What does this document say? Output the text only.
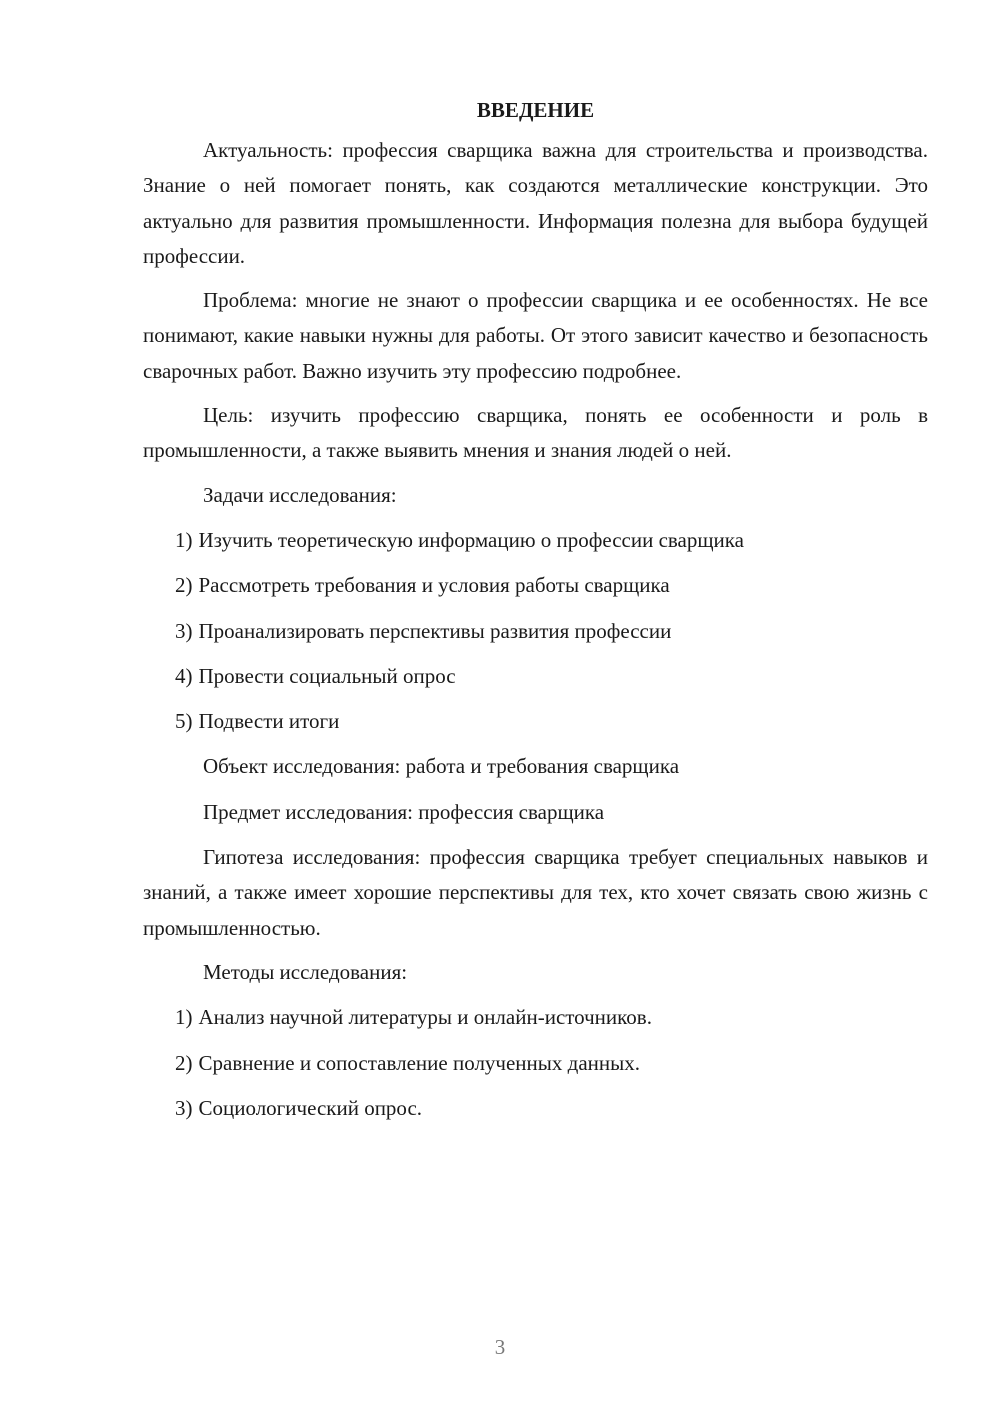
ВВЕДЕНИЕ

Актуальность: профессия сварщика важна для строительства и производства. Знание о ней помогает понять, как создаются металлические конструкции. Это актуально для развития промышленности. Информация полезна для выбора будущей профессии.

Проблема: многие не знают о профессии сварщика и ее особенностях. Не все понимают, какие навыки нужны для работы. От этого зависит качество и безопасность сварочных работ. Важно изучить эту профессию подробнее.

Цель: изучить профессию сварщика, понять ее особенности и роль в промышленности, а также выявить мнения и знания людей о ней.

Задачи исследования:

1) Изучить теоретическую информацию о профессии сварщика
2) Рассмотреть требования и условия работы сварщика
3) Проанализировать перспективы развития профессии
4) Провести социальный опрос
5) Подвести итоги

Объект исследования: работа и требования сварщика

Предмет исследования: профессия сварщика

Гипотеза исследования: профессия сварщика требует специальных навыков и знаний, а также имеет хорошие перспективы для тех, кто хочет связать свою жизнь с промышленностью.

Методы исследования:

1) Анализ научной литературы и онлайн-источников.
2) Сравнение и сопоставление полученных данных.
3) Социологический опрос.
3
